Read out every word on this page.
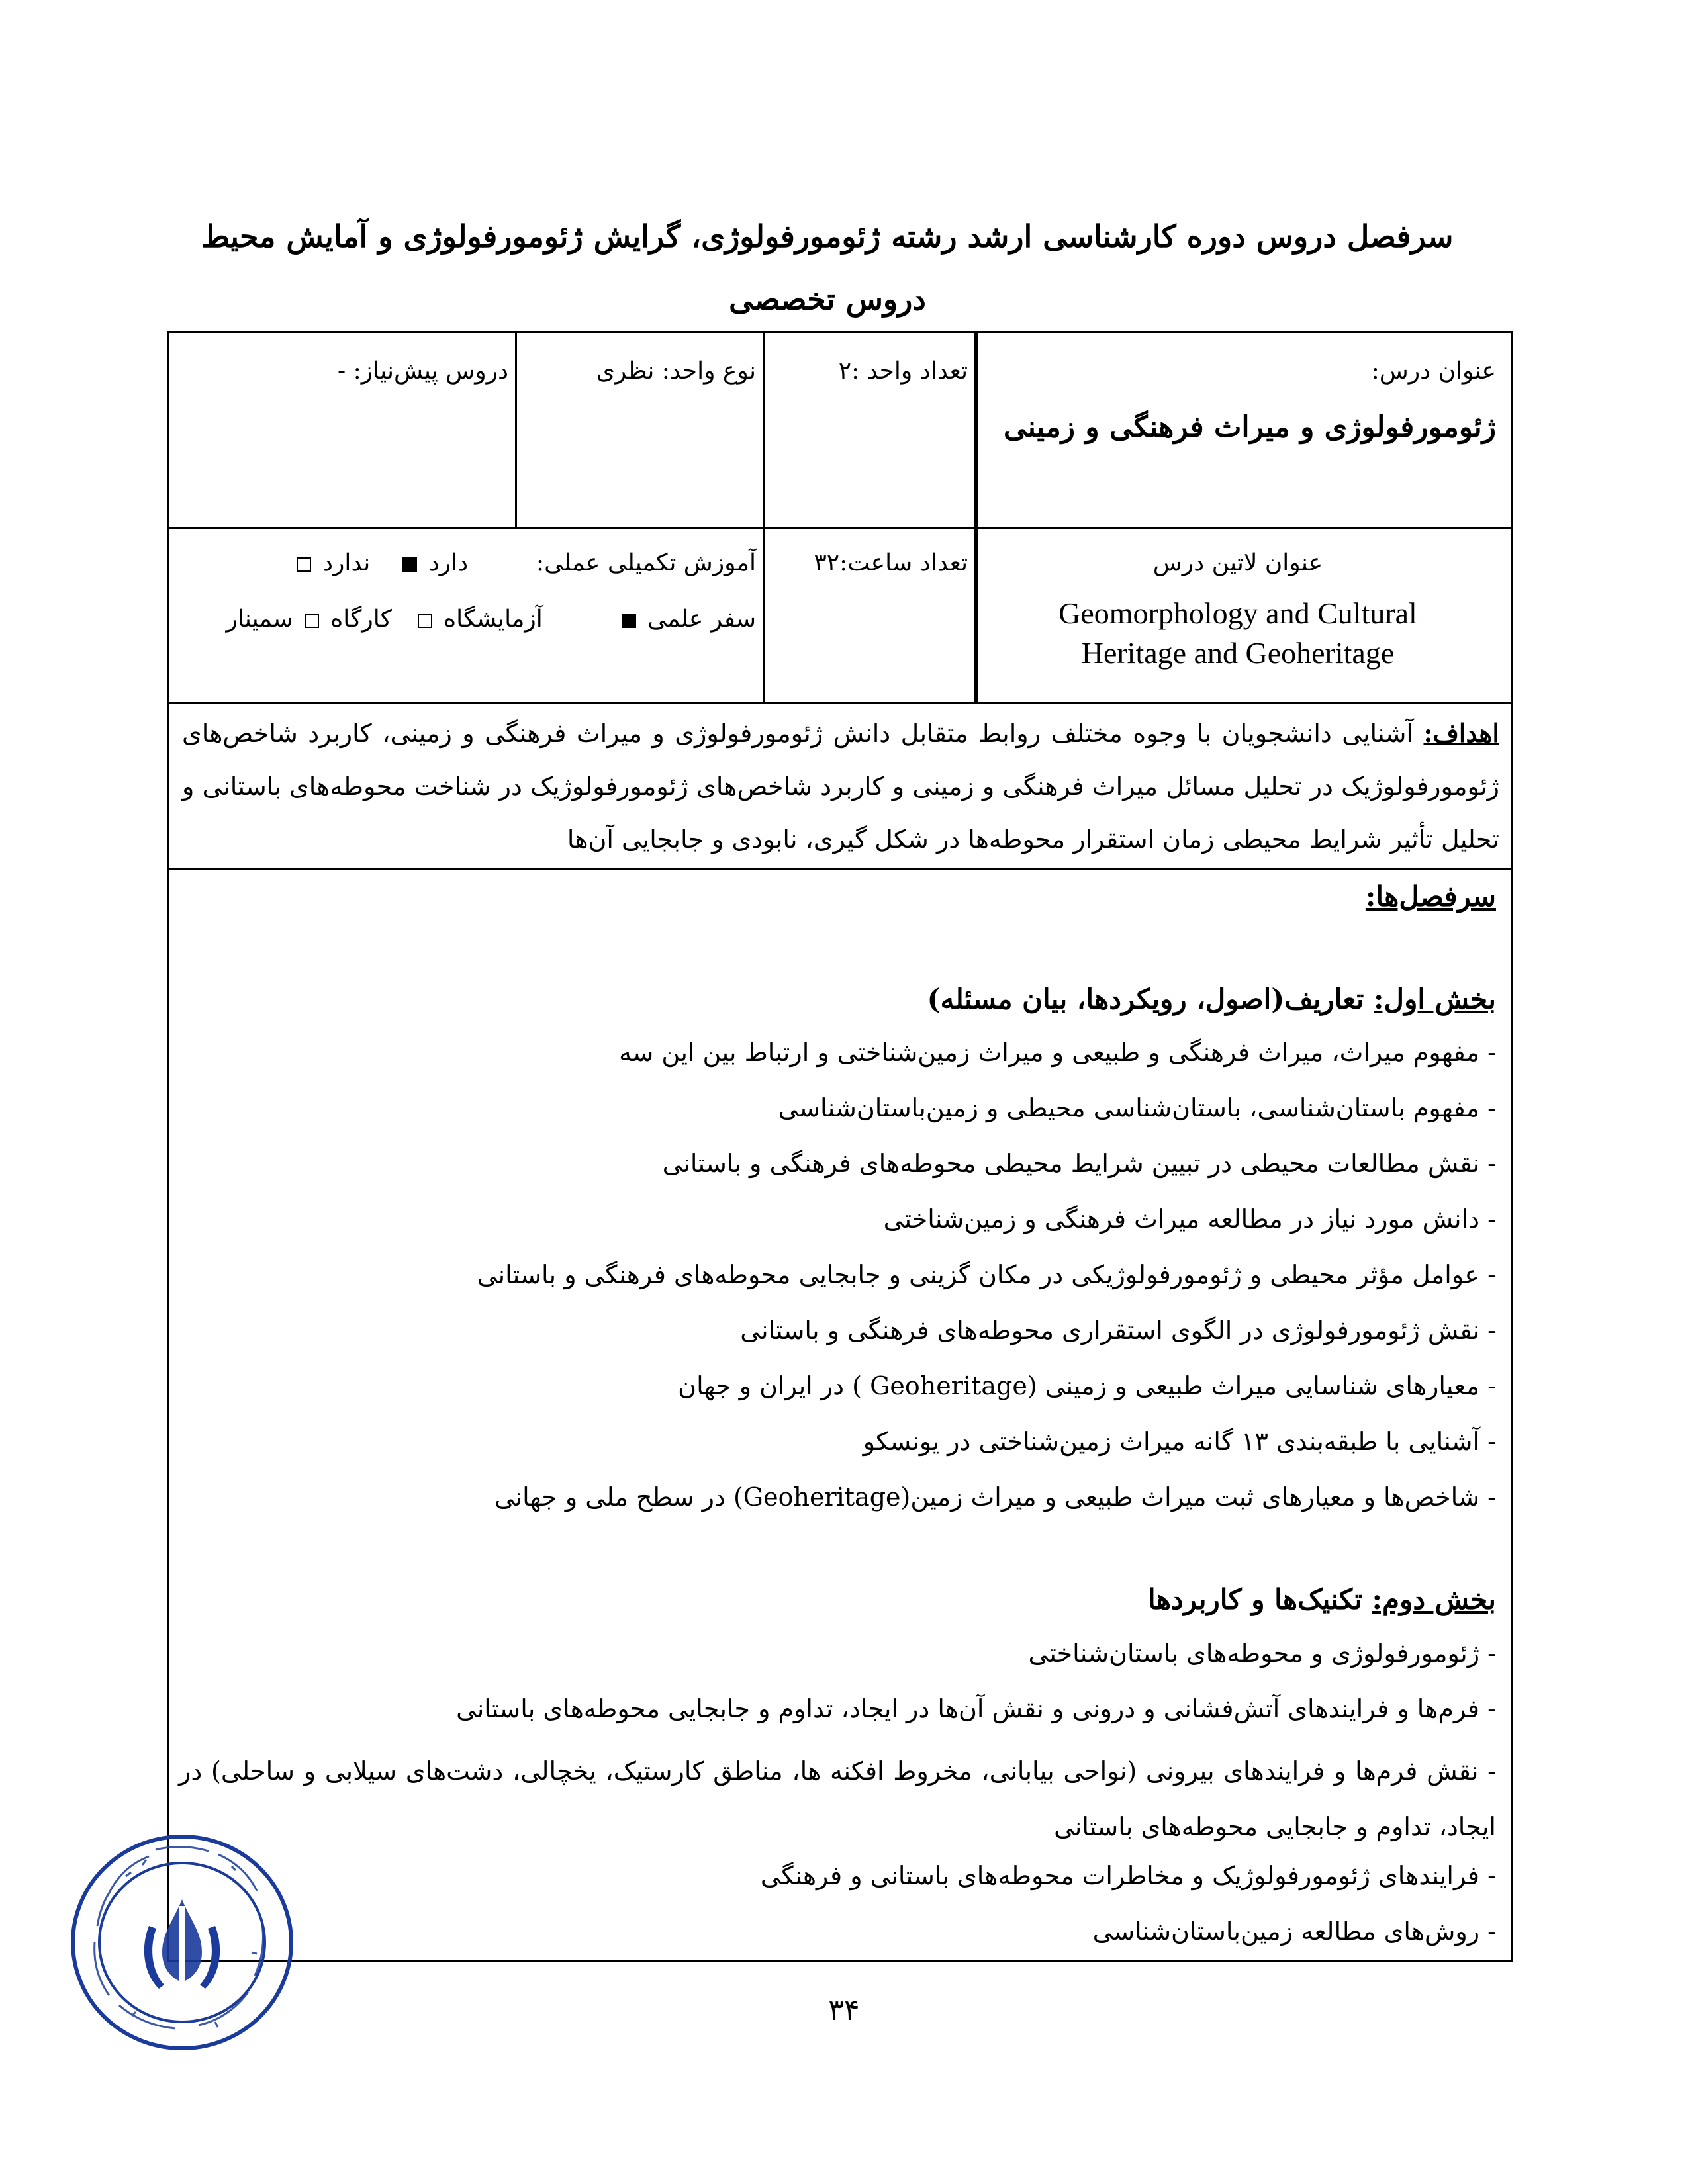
سرفصل دروس دوره کارشناسی ارشد رشته ژئومورفولوژی، گرایش ژئومورفولوژی و آمایش محیط
دروس تخصصی
عنوان درس:
ژئومورفولوژی و میراث فرهنگی و زمینی
تعداد واحد :۲
نوع واحد: نظری
دروس پیش‌نیاز: -
عنوان لاتین درس
Geomorphology and Cultural
Heritage and Geoheritage
تعداد ساعت:۳۲
آموزش تکمیلی عملی:  دارد   ندارد
سفر علمی   آزمایشگاه   کارگاه  سمینار
اهداف: آشنایی دانشجویان با وجوه مختلف روابط متقابل دانش ژئومورفولوژی و میراث فرهنگی و زمینی، کاربرد شاخص‌های ژئومورفولوژیک در تحلیل مسائل میراث فرهنگی و زمینی و کاربرد شاخص‌های ژئومورفولوژیک در شناخت محوطه‌های باستانی و تحلیل تأثیر شرایط محیطی زمان استقرار محوطه‌ها در شکل گیری، نابودی و جابجایی آن‌ها
سرفصل‌ها:
بخش اول: تعاریف(اصول، رویکردها، بیان مسئله)
- مفهوم میراث، میراث فرهنگی و طبیعی و میراث زمین‌شناختی و ارتباط بین این سه
- مفهوم باستان‌شناسی، باستان‌شناسی محیطی و زمین‌باستان‌شناسی
- نقش مطالعات محیطی در تبیین شرایط محیطی محوطه‌های فرهنگی و باستانی
- دانش مورد نیاز در مطالعه میراث فرهنگی و زمین‌شناختی
- عوامل مؤثر محیطی و ژئومورفولوژیکی در مکان گزینی و جابجایی محوطه‌های فرهنگی و باستانی
- نقش ژئومورفولوژی در الگوی استقراری محوطه‌های فرهنگی و باستانی
- معیارهای شناسایی میراث طبیعی و زمینی (Geoheritage ) در ایران و جهان
- آشنایی با طبقه‌بندی ۱۳ گانه میراث زمین‌شناختی در یونسکو
- شاخص‌ها و معیارهای ثبت میراث طبیعی و میراث زمین(Geoheritage) در سطح ملی و جهانی
بخش دوم: تکنیک‌ها و کاربردها
- ژئومورفولوژی و محوطه‌های باستان‌شناختی
- فرم‌ها و فرایندهای آتش‌فشانی و درونی و نقش آن‌ها در ایجاد، تداوم و جابجایی محوطه‌های باستانی
- نقش فرم‌ها و فرایندهای بیرونی (نواحی بیابانی، مخروط افکنه ها، مناطق کارستیک، یخچالی، دشت‌های سیلابی و ساحلی) در ایجاد، تداوم و جابجایی محوطه‌های باستانی
- فرایندهای ژئومورفولوژیک و مخاطرات محوطه‌های باستانی و فرهنگی
- روش‌های مطالعه زمین‌باستان‌شناسی
۳۴
